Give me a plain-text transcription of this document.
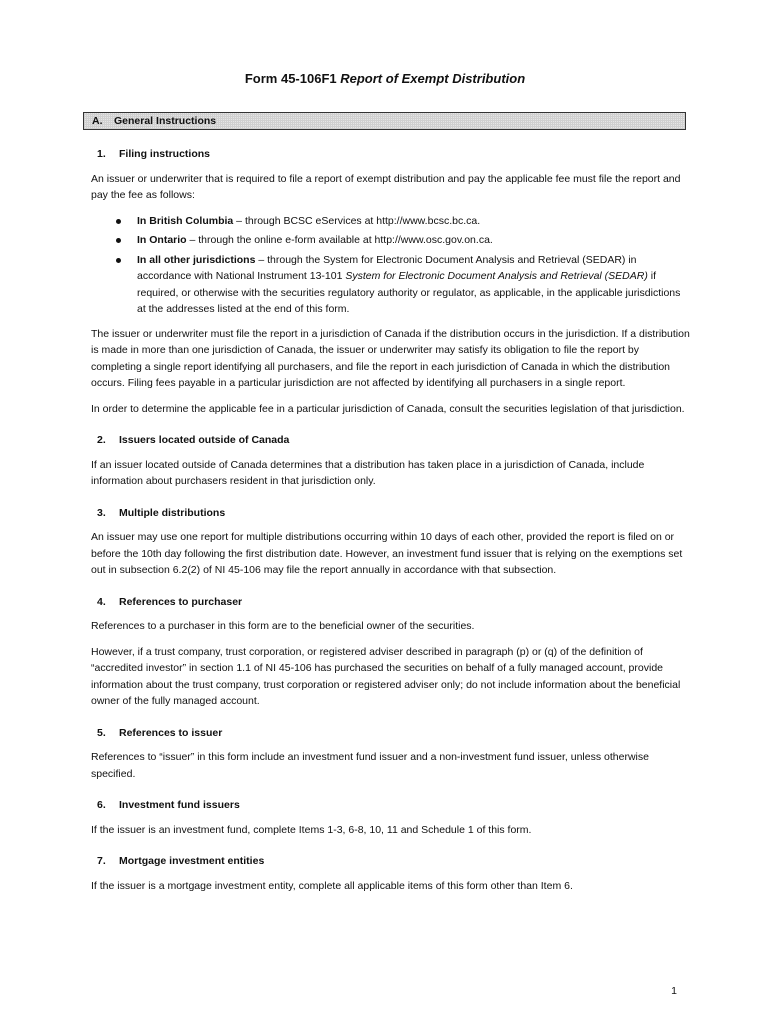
Form 45-106F1 Report of Exempt Distribution
A. General Instructions
1. Filing instructions

An issuer or underwriter that is required to file a report of exempt distribution and pay the applicable fee must file the report and pay the fee as follows:

In British Columbia – through BCSC eServices at http://www.bcsc.bc.ca.
In Ontario – through the online e-form available at http://www.osc.gov.on.ca.
In all other jurisdictions – through the System for Electronic Document Analysis and Retrieval (SEDAR) in accordance with National Instrument 13-101 System for Electronic Document Analysis and Retrieval (SEDAR) if required, or otherwise with the securities regulatory authority or regulator, as applicable, in the applicable jurisdictions at the addresses listed at the end of this form.

The issuer or underwriter must file the report in a jurisdiction of Canada if the distribution occurs in the jurisdiction. If a distribution is made in more than one jurisdiction of Canada, the issuer or underwriter may satisfy its obligation to file the report by completing a single report identifying all purchasers, and file the report in each jurisdiction of Canada in which the distribution occurs. Filing fees payable in a particular jurisdiction are not affected by identifying all purchasers in a single report.

In order to determine the applicable fee in a particular jurisdiction of Canada, consult the securities legislation of that jurisdiction.

2. Issuers located outside of Canada

If an issuer located outside of Canada determines that a distribution has taken place in a jurisdiction of Canada, include information about purchasers resident in that jurisdiction only.

3. Multiple distributions

An issuer may use one report for multiple distributions occurring within 10 days of each other, provided the report is filed on or before the 10th day following the first distribution date. However, an investment fund issuer that is relying on the exemptions set out in subsection 6.2(2) of NI 45-106 may file the report annually in accordance with that subsection.

4. References to purchaser

References to a purchaser in this form are to the beneficial owner of the securities.

However, if a trust company, trust corporation, or registered adviser described in paragraph (p) or (q) of the definition of “accredited investor” in section 1.1 of NI 45-106 has purchased the securities on behalf of a fully managed account, provide information about the trust company, trust corporation or registered adviser only; do not include information about the beneficial owner of the fully managed account.

5. References to issuer

References to “issuer” in this form include an investment fund issuer and a non-investment fund issuer, unless otherwise specified.

6. Investment fund issuers

If the issuer is an investment fund, complete Items 1-3, 6-8, 10, 11 and Schedule 1 of this form.

7. Mortgage investment entities

If the issuer is a mortgage investment entity, complete all applicable items of this form other than Item 6.

1
